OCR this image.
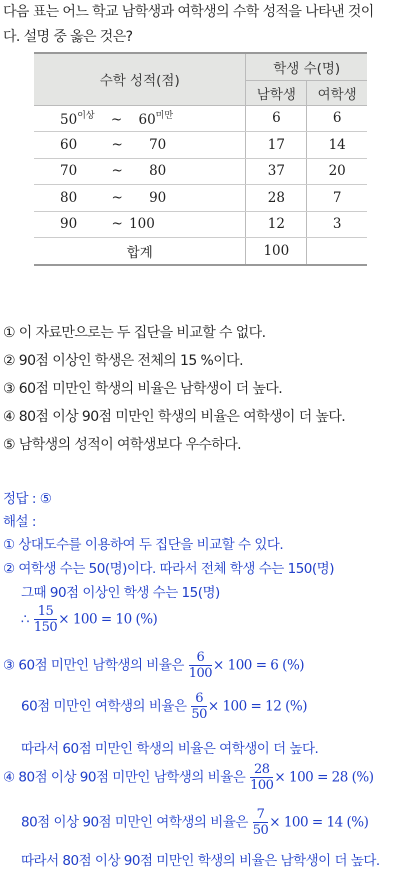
다음 표는 어느 학교 남학생과 여학생의 수학 성적을 나타낸 것이
다. 설명 중 옳은 것은?
수학 성적(점)	학생 수(명)	
	남학생	여학생
$50^{이상}$ ~ $60^{미만}$	6	6
60 ~ 70	17	14
70 ~ 80	37	20
80 ~ 90	28	7
90 ~ 100	12	3
합계	100	
① 이 자료만으로는 두 집단을 비교할 수 없다.
② 90점 이상인 학생은 전체의 15 %이다.
③ 60점 미만인 학생의 비율은 남학생이 더 높다.
④ 80점 이상 90점 미만인 학생의 비율은 여학생이 더 높다.
⑤ 남학생의 성적이 여학생보다 우수하다.
정답 : ⑤
해설 :
① 상대도수를 이용하여 두 집단을 비교할 수 있다.
② 여학생 수는 50(명)이다. 따라서 전체 학생 수는 150(명)
그때 90점 이상인 학생 수는 15(명)
∴ $\frac{15}{150} \times 100 = 10$ (%)
③ 60점 미만인 남학생의 비율은 $\frac{6}{100} \times 100 = 6$ (%)
60점 미만인 여학생의 비율은 $\frac{6}{50} \times 100 = 12$ (%)
따라서 60점 미만인 학생의 비율은 여학생이 더 높다.
④ 80점 이상 90점 미만인 남학생의 비율은 $\frac{28}{100} \times 100 = 28$ (%)
80점 이상 90점 미만인 여학생의 비율은 $\frac{7}{50} \times 100 = 14$ (%)
따라서 80점 이상 90점 미만인 학생의 비율은 남학생이 더 높다.
